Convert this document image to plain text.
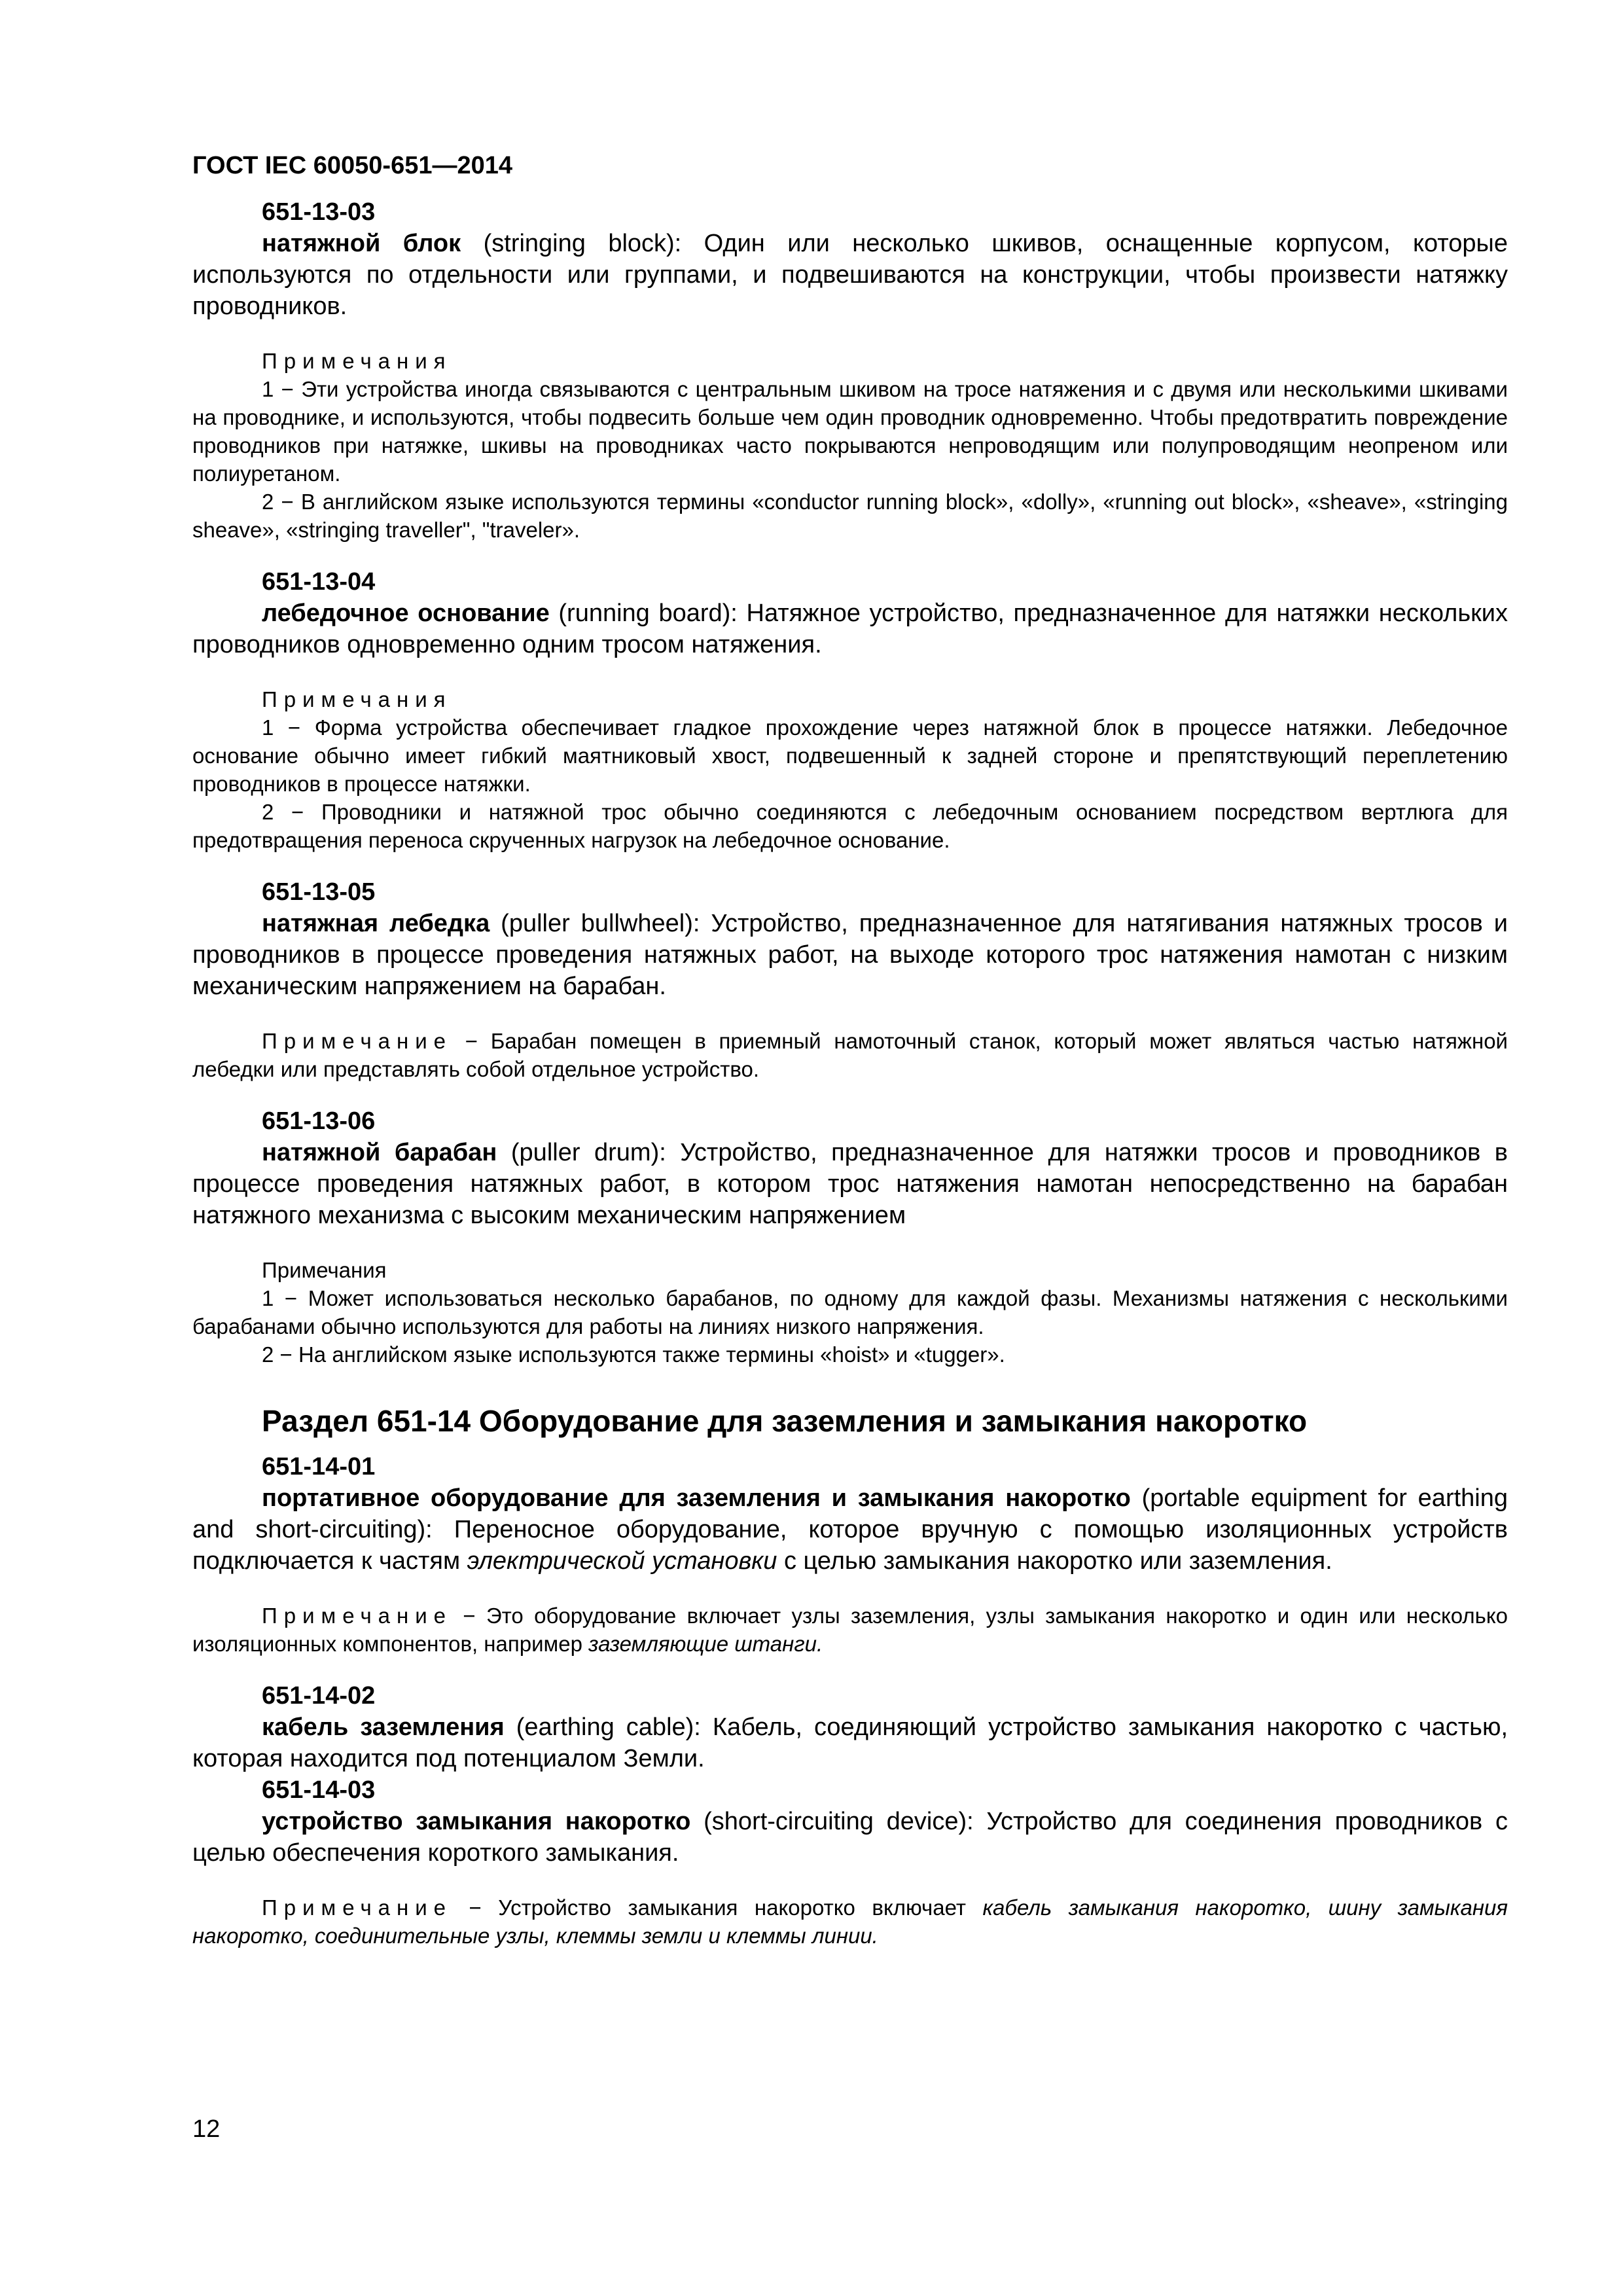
ГОСТ IEC 60050-651—2014
651-13-03

натяжной блок (stringing block): Один или несколько шкивов, оснащенные корпусом, которые используются по отдельности или группами, и подвешиваются на конструкции, чтобы произвести натяжку проводников.

Примечания

1 − Эти устройства иногда связываются с центральным шкивом на тросе натяжения и с двумя или несколькими шкивами на проводнике, и используются, чтобы подвесить больше чем один проводник одновременно. Чтобы предотвратить повреждение проводников при натяжке, шкивы на проводниках часто покрываются непроводящим или полупроводящим неопреном или полиуретаном.

2 − В английском языке используются термины «conductor running block», «dolly», «running out block», «sheave», «stringing sheave», «stringing traveller", "traveler».

651-13-04

лебедочное основание (running board): Натяжное устройство, предназначенное для натяжки нескольких проводников одновременно одним тросом натяжения.

Примечания

1 − Форма устройства обеспечивает гладкое прохождение через натяжной блок в процессе натяжки. Лебедочное основание обычно имеет гибкий маятниковый хвост, подвешенный к задней стороне и препятствующий переплетению проводников в процессе натяжки.

2 − Проводники и натяжной трос обычно соединяются с лебедочным основанием посредством вертлюга для предотвращения переноса скрученных нагрузок на лебедочное основание.

651-13-05

натяжная лебедка (puller bullwheel): Устройство, предназначенное для натягивания натяжных тросов и проводников в процессе проведения натяжных работ, на выходе которого трос натяжения намотан с низким механическим напряжением на барабан.

Примечание − Барабан помещен в приемный намоточный станок, который может являться частью натяжной лебедки или представлять собой отдельное устройство.

651-13-06

натяжной барабан (puller drum): Устройство, предназначенное для натяжки тросов и проводников в процессе проведения натяжных работ, в котором трос натяжения намотан непосредственно на барабан натяжного механизма с высоким механическим напряжением

Примечания

1 − Может использоваться несколько барабанов, по одному для каждой фазы. Механизмы натяжения с несколькими барабанами обычно используются для работы на линиях низкого напряжения.

2 − На английском языке используются также термины «hoist» и «tugger».

Раздел 651-14 Оборудование для заземления и замыкания накоротко
651-14-01

портативное оборудование для заземления и замыкания накоротко (portable equipment for earthing and short-circuiting): Переносное оборудование, которое вручную с помощью изоляционных устройств подключается к частям электрической установки с целью замыкания накоротко или заземления.

Примечание − Это оборудование включает узлы заземления, узлы замыкания накоротко и один или несколько изоляционных компонентов, например заземляющие штанги.

651-14-02

кабель заземления (earthing cable): Кабель, соединяющий устройство замыкания накоротко с частью, которая находится под потенциалом Земли.

651-14-03

устройство замыкания накоротко (short-circuiting device): Устройство для соединения проводников с целью обеспечения короткого замыкания.

Примечание − Устройство замыкания накоротко включает кабель замыкания накоротко, шину замыкания накоротко, соединительные узлы, клеммы земли и клеммы линии.

12
